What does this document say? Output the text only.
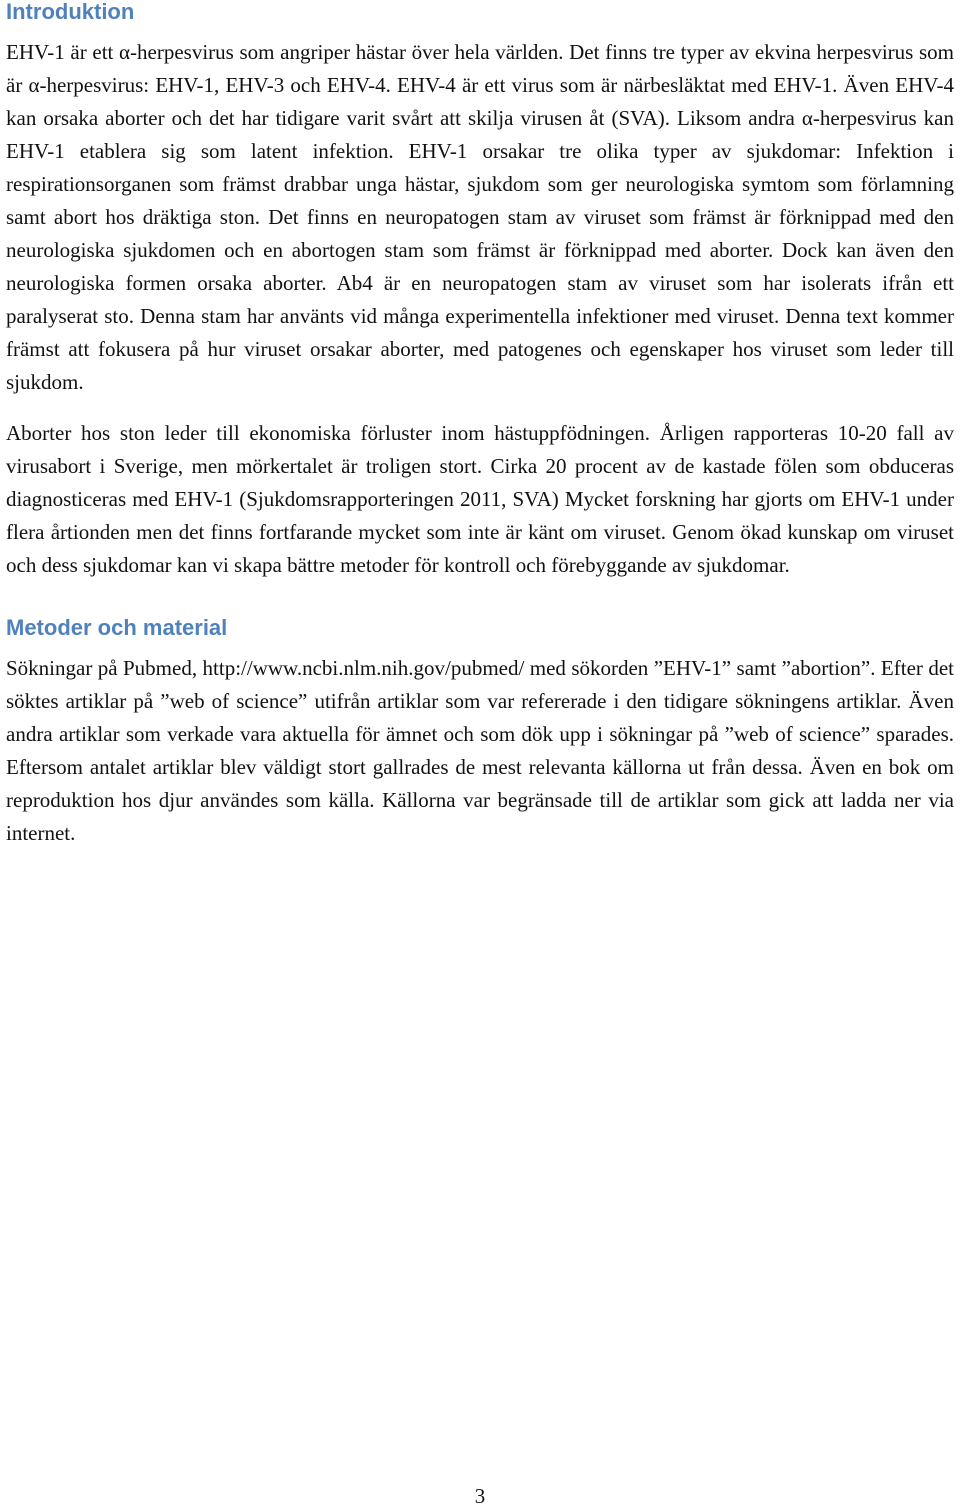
Introduktion

EHV-1 är ett α-herpesvirus som angriper hästar över hela världen. Det finns tre typer av ekvina herpesvirus som är α-herpesvirus: EHV-1, EHV-3 och EHV-4. EHV-4 är ett virus som är närbesläktat med EHV-1. Även EHV-4 kan orsaka aborter och det har tidigare varit svårt att skilja virusen åt (SVA). Liksom andra α-herpesvirus kan EHV-1 etablera sig som latent infektion. EHV-1 orsakar tre olika typer av sjukdomar: Infektion i respirationsorganen som främst drabbar unga hästar, sjukdom som ger neurologiska symtom som förlamning samt abort hos dräktiga ston. Det finns en neuropatogen stam av viruset som främst är förknippad med den neurologiska sjukdomen och en abortogen stam som främst är förknippad med aborter. Dock kan även den neurologiska formen orsaka aborter. Ab4 är en neuropatogen stam av viruset som har isolerats ifrån ett paralyserat sto. Denna stam har använts vid många experimentella infektioner med viruset. Denna text kommer främst att fokusera på hur viruset orsakar aborter, med patogenes och egenskaper hos viruset som leder till sjukdom.

Aborter hos ston leder till ekonomiska förluster inom hästuppfödningen. Årligen rapporteras 10-20 fall av virusabort i Sverige, men mörkertalet är troligen stort. Cirka 20 procent av de kastade fölen som obduceras diagnosticeras med EHV-1 (Sjukdomsrapporteringen 2011, SVA) Mycket forskning har gjorts om EHV-1 under flera årtionden men det finns fortfarande mycket som inte är känt om viruset. Genom ökad kunskap om viruset och dess sjukdomar kan vi skapa bättre metoder för kontroll och förebyggande av sjukdomar.

Metoder och material

Sökningar på Pubmed, http://www.ncbi.nlm.nih.gov/pubmed/ med sökorden ”EHV-1” samt ”abortion”. Efter det söktes artiklar på ”web of science” utifrån artiklar som var refererade i den tidigare sökningens artiklar. Även andra artiklar som verkade vara aktuella för ämnet och som dök upp i sökningar på ”web of science” sparades. Eftersom antalet artiklar blev väldigt stort gallrades de mest relevanta källorna ut från dessa. Även en bok om reproduktion hos djur användes som källa. Källorna var begränsade till de artiklar som gick att ladda ner via internet.

3
